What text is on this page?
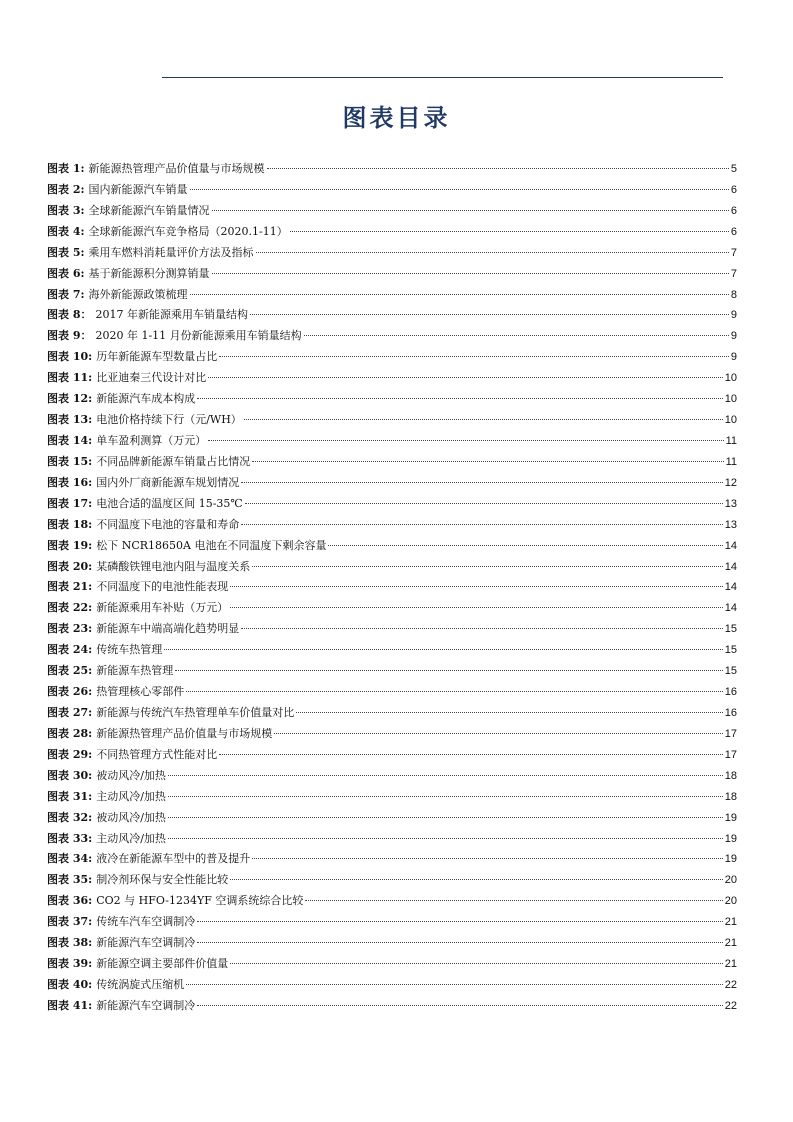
图表目录
图表 1: 新能源热管理产品价值量与市场规模	5
图表 2: 国内新能源汽车销量	6
图表 3: 全球新能源汽车销量情况	6
图表 4: 全球新能源汽车竞争格局（2020.1-11）	6
图表 5: 乘用车燃料消耗量评价方法及指标	7
图表 6: 基于新能源积分测算销量	7
图表 7: 海外新能源政策梳理	8
图表 8： 2017 年新能源乘用车销量结构	9
图表 9： 2020 年 1-11 月份新能源乘用车销量结构	9
图表 10: 历年新能源车型数量占比	9
图表 11: 比亚迪秦三代设计对比	10
图表 12: 新能源汽车成本构成	10
图表 13: 电池价格持续下行（元/WH）	10
图表 14: 单车盈利测算（万元）	11
图表 15: 不同品牌新能源车销量占比情况	11
图表 16: 国内外厂商新能源车规划情况	12
图表 17: 电池合适的温度区间 15-35℃	13
图表 18: 不同温度下电池的容量和寿命	13
图表 19: 松下 NCR18650A 电池在不同温度下剩余容量	14
图表 20: 某磷酸铁锂电池内阻与温度关系	14
图表 21: 不同温度下的电池性能表现	14
图表 22: 新能源乘用车补贴（万元）	14
图表 23: 新能源车中端高端化趋势明显	15
图表 24: 传统车热管理	15
图表 25: 新能源车热管理	15
图表 26: 热管理核心零部件	16
图表 27: 新能源与传统汽车热管理单车价值量对比	16
图表 28: 新能源热管理产品价值量与市场规模	17
图表 29: 不同热管理方式性能对比	17
图表 30: 被动风冷/加热	18
图表 31: 主动风冷/加热	18
图表 32: 被动风冷/加热	19
图表 33: 主动风冷/加热	19
图表 34: 液冷在新能源车型中的普及提升	19
图表 35: 制冷剂环保与安全性能比较	20
图表 36: CO2 与 HFO-1234YF 空调系统综合比较	20
图表 37: 传统车汽车空调制冷	21
图表 38: 新能源汽车空调制冷	21
图表 39: 新能源空调主要部件价值量	21
图表 40: 传统涡旋式压缩机	22
图表 41: 新能源汽车空调制冷	22
